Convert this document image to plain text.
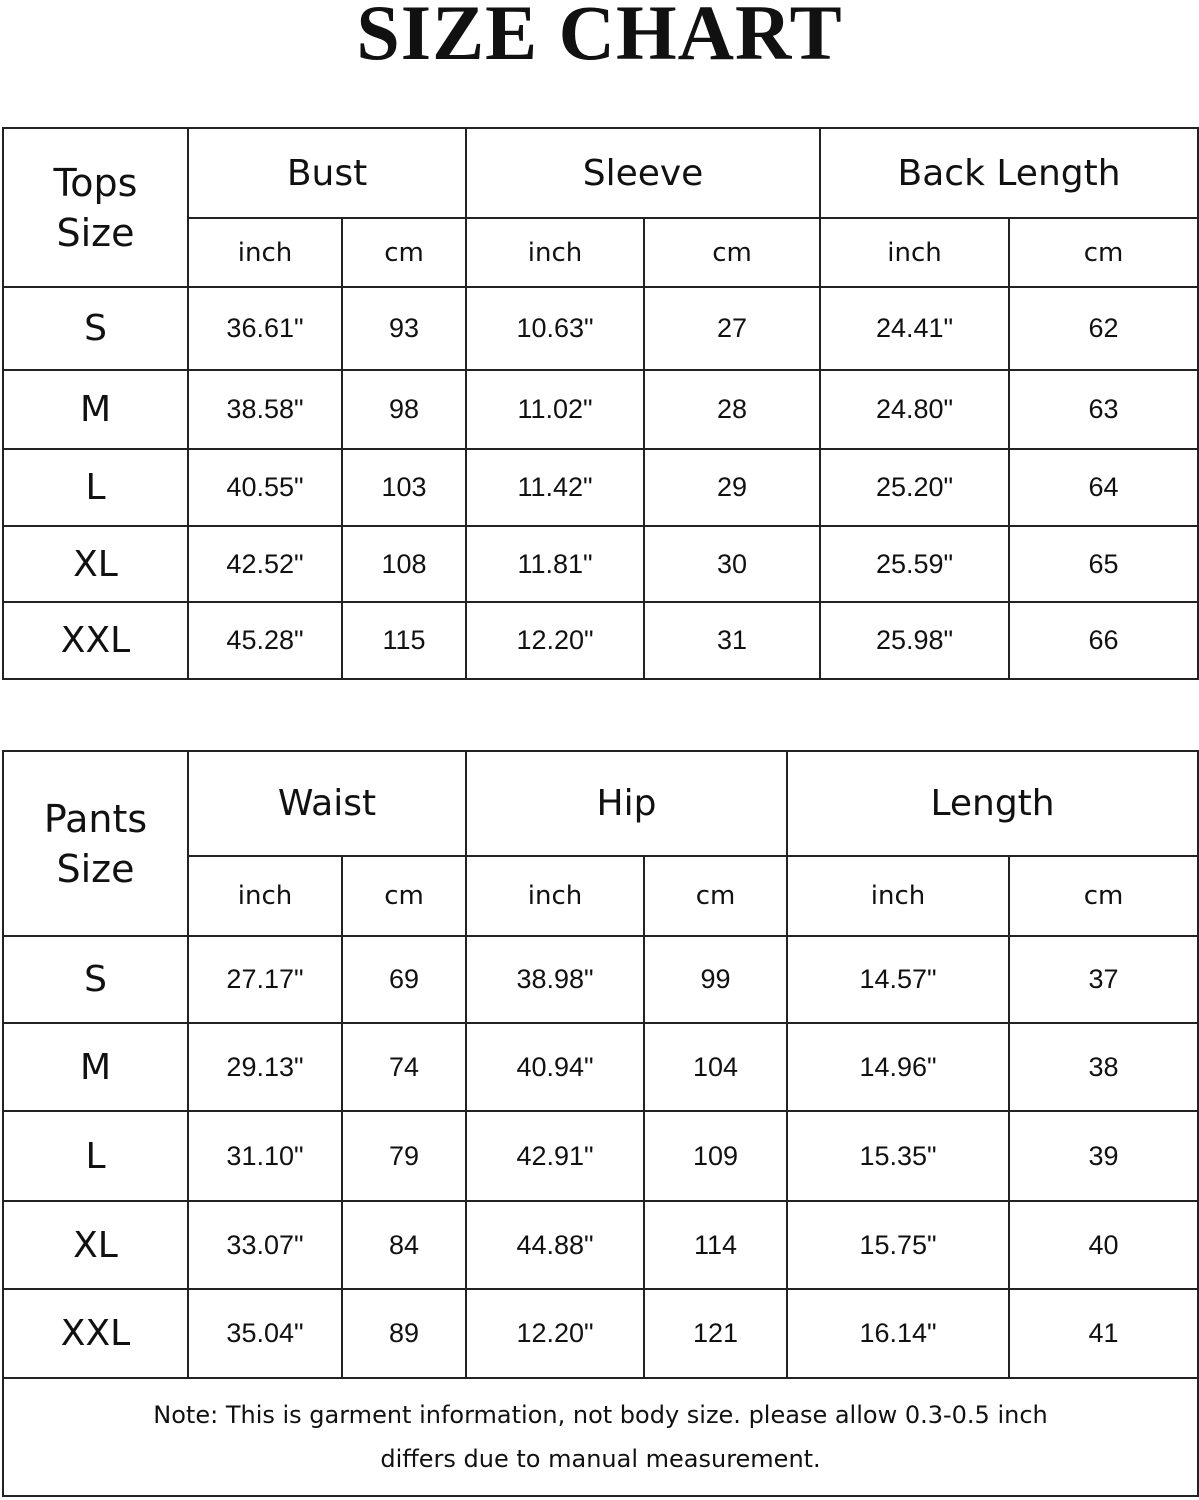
SIZE CHART
Tops
Size	Bust		Sleeve		Back Length	
	inch	cm	inch	cm	inch	cm
S	36.61"	93	10.63"	27	24.41"	62
M	38.58"	98	11.02"	28	24.80"	63
L	40.55"	103	11.42"	29	25.20"	64
XL	42.52"	108	11.81"	30	25.59"	65
XXL	45.28"	115	12.20"	31	25.98"	66
Pants
Size	Waist		Hip		Length	
	inch	cm	inch	cm	inch	cm
S	27.17"	69	38.98"	99	14.57"	37
M	29.13"	74	40.94"	104	14.96"	38
L	31.10"	79	42.91"	109	15.35"	39
XL	33.07"	84	44.88"	114	15.75"	40
XXL	35.04"	89	12.20"	121	16.14"	41

Note: This is garment information, not body size. please allow 0.3-0.5 inch
differs due to manual measurement.						
